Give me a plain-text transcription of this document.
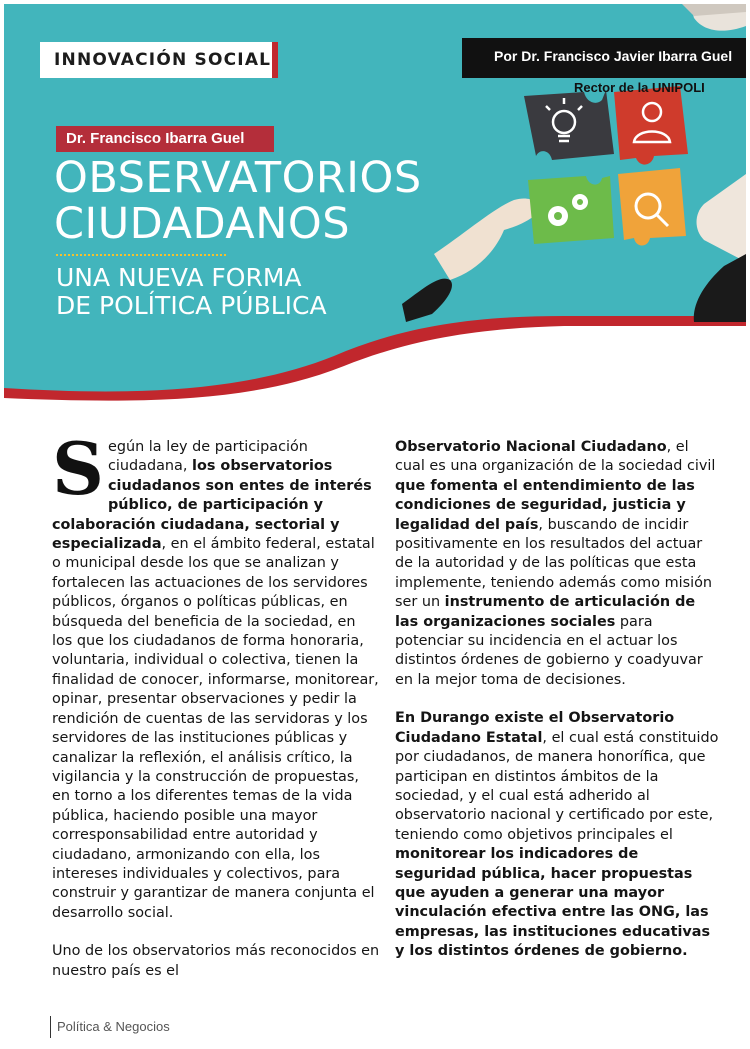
INNOVACIÓN SOCIAL	Por Dr. Francisco Javier Ibarra Guel
Rector de la UNIPOLI
Dr. Francisco Ibarra Guel
OBSERVATORIOS
CIUDADANOS
UNA NUEVA FORMA
DE POLÍTICA PÚBLICA

Según la ley de participación ciudadana, los observatorios ciudadanos son entes de interés público, de participación y colaboración ciudadana, sectorial y especializada, en el ámbito federal, estatal o municipal desde los que se analizan y fortalecen las actuaciones de los servidores públicos, órganos o políticas públicas, en búsqueda del beneficia de la sociedad, en los que los ciudadanos de forma honoraria, voluntaria, individual o colectiva, tienen la finalidad de conocer, informarse, monitorear, opinar, presentar observaciones y pedir la rendición de cuentas de las servidoras y los servidores de las instituciones públicas y canalizar la reflexión, el análisis crítico, la vigilancia y la construcción de propuestas, en torno a los diferentes temas de la vida pública, haciendo posible una mayor corresponsabilidad entre autoridad y ciudadano, armonizando con ella, los intereses individuales y colectivos, para construir y garantizar de manera conjunta el desarrollo social.

Uno de los observatorios más reconocidos en nuestro país es el

Observatorio Nacional Ciudadano, el cual es una organización de la sociedad civil que fomenta el entendimiento de las condiciones de seguridad, justicia y legalidad del país, buscando de incidir positivamente en los resultados del actuar de la autoridad y de las políticas que esta implemente, teniendo además como misión ser un instrumento de articulación de las organizaciones sociales para potenciar su incidencia en el actuar los distintos órdenes de gobierno y coadyuvar en la mejor toma de decisiones.

En Durango existe el Observatorio Ciudadano Estatal, el cual está constituido por ciudadanos, de manera honorífica, que participan en distintos ámbitos de la sociedad, y el cual está adherido al observatorio nacional y certificado por este, teniendo como objetivos principales el monitorear los indicadores de seguridad pública, hacer propuestas que ayuden a generar una mayor vinculación efectiva entre las ONG, las empresas, las instituciones educativas y los distintos órdenes de gobierno.

Política & Negocios
